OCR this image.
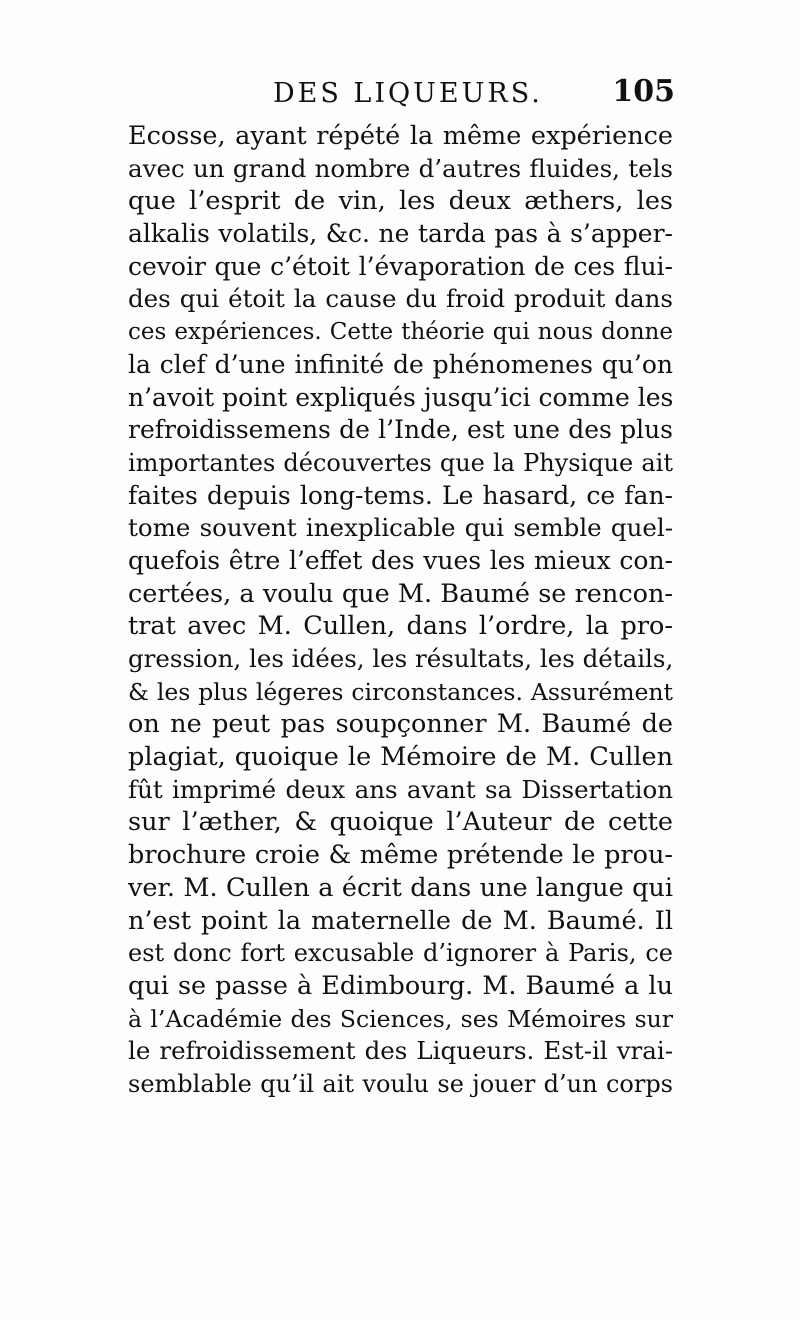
DES LIQUEURS. 105
Ecosse, ayant répété la même expérience
avec un grand nombre d’autres fluides, tels
que l’esprit de vin, les deux æthers, les
alkalis volatils, &c. ne tarda pas à s’apper-
cevoir que c’étoit l’évaporation de ces flui-
des qui étoit la cause du froid produit dans
ces expériences. Cette théorie qui nous donne
la clef d’une infinité de phénomenes qu’on
n’avoit point expliqués jusqu’ici comme les
refroidissemens de l’Inde, est une des plus
importantes découvertes que la Physique ait
faites depuis long-tems. Le hasard, ce fan-
tome souvent inexplicable qui semble quel-
quefois être l’effet des vues les mieux con-
certées, a voulu que M. Baumé se rencon-
trat avec M. Cullen, dans l’ordre, la pro-
gression, les idées, les résultats, les détails,
& les plus légeres circonstances. Assurément
on ne peut pas soupçonner M. Baumé de
plagiat, quoique le Mémoire de M. Cullen
fût imprimé deux ans avant sa Dissertation
sur l’æther, & quoique l’Auteur de cette
brochure croie & même prétende le prou-
ver. M. Cullen a écrit dans une langue qui
n’est point la maternelle de M. Baumé. Il
est donc fort excusable d’ignorer à Paris, ce
qui se passe à Edimbourg. M. Baumé a lu
à l’Académie des Sciences, ses Mémoires sur
le refroidissement des Liqueurs. Est-il vrai-
semblable qu’il ait voulu se jouer d’un corps
